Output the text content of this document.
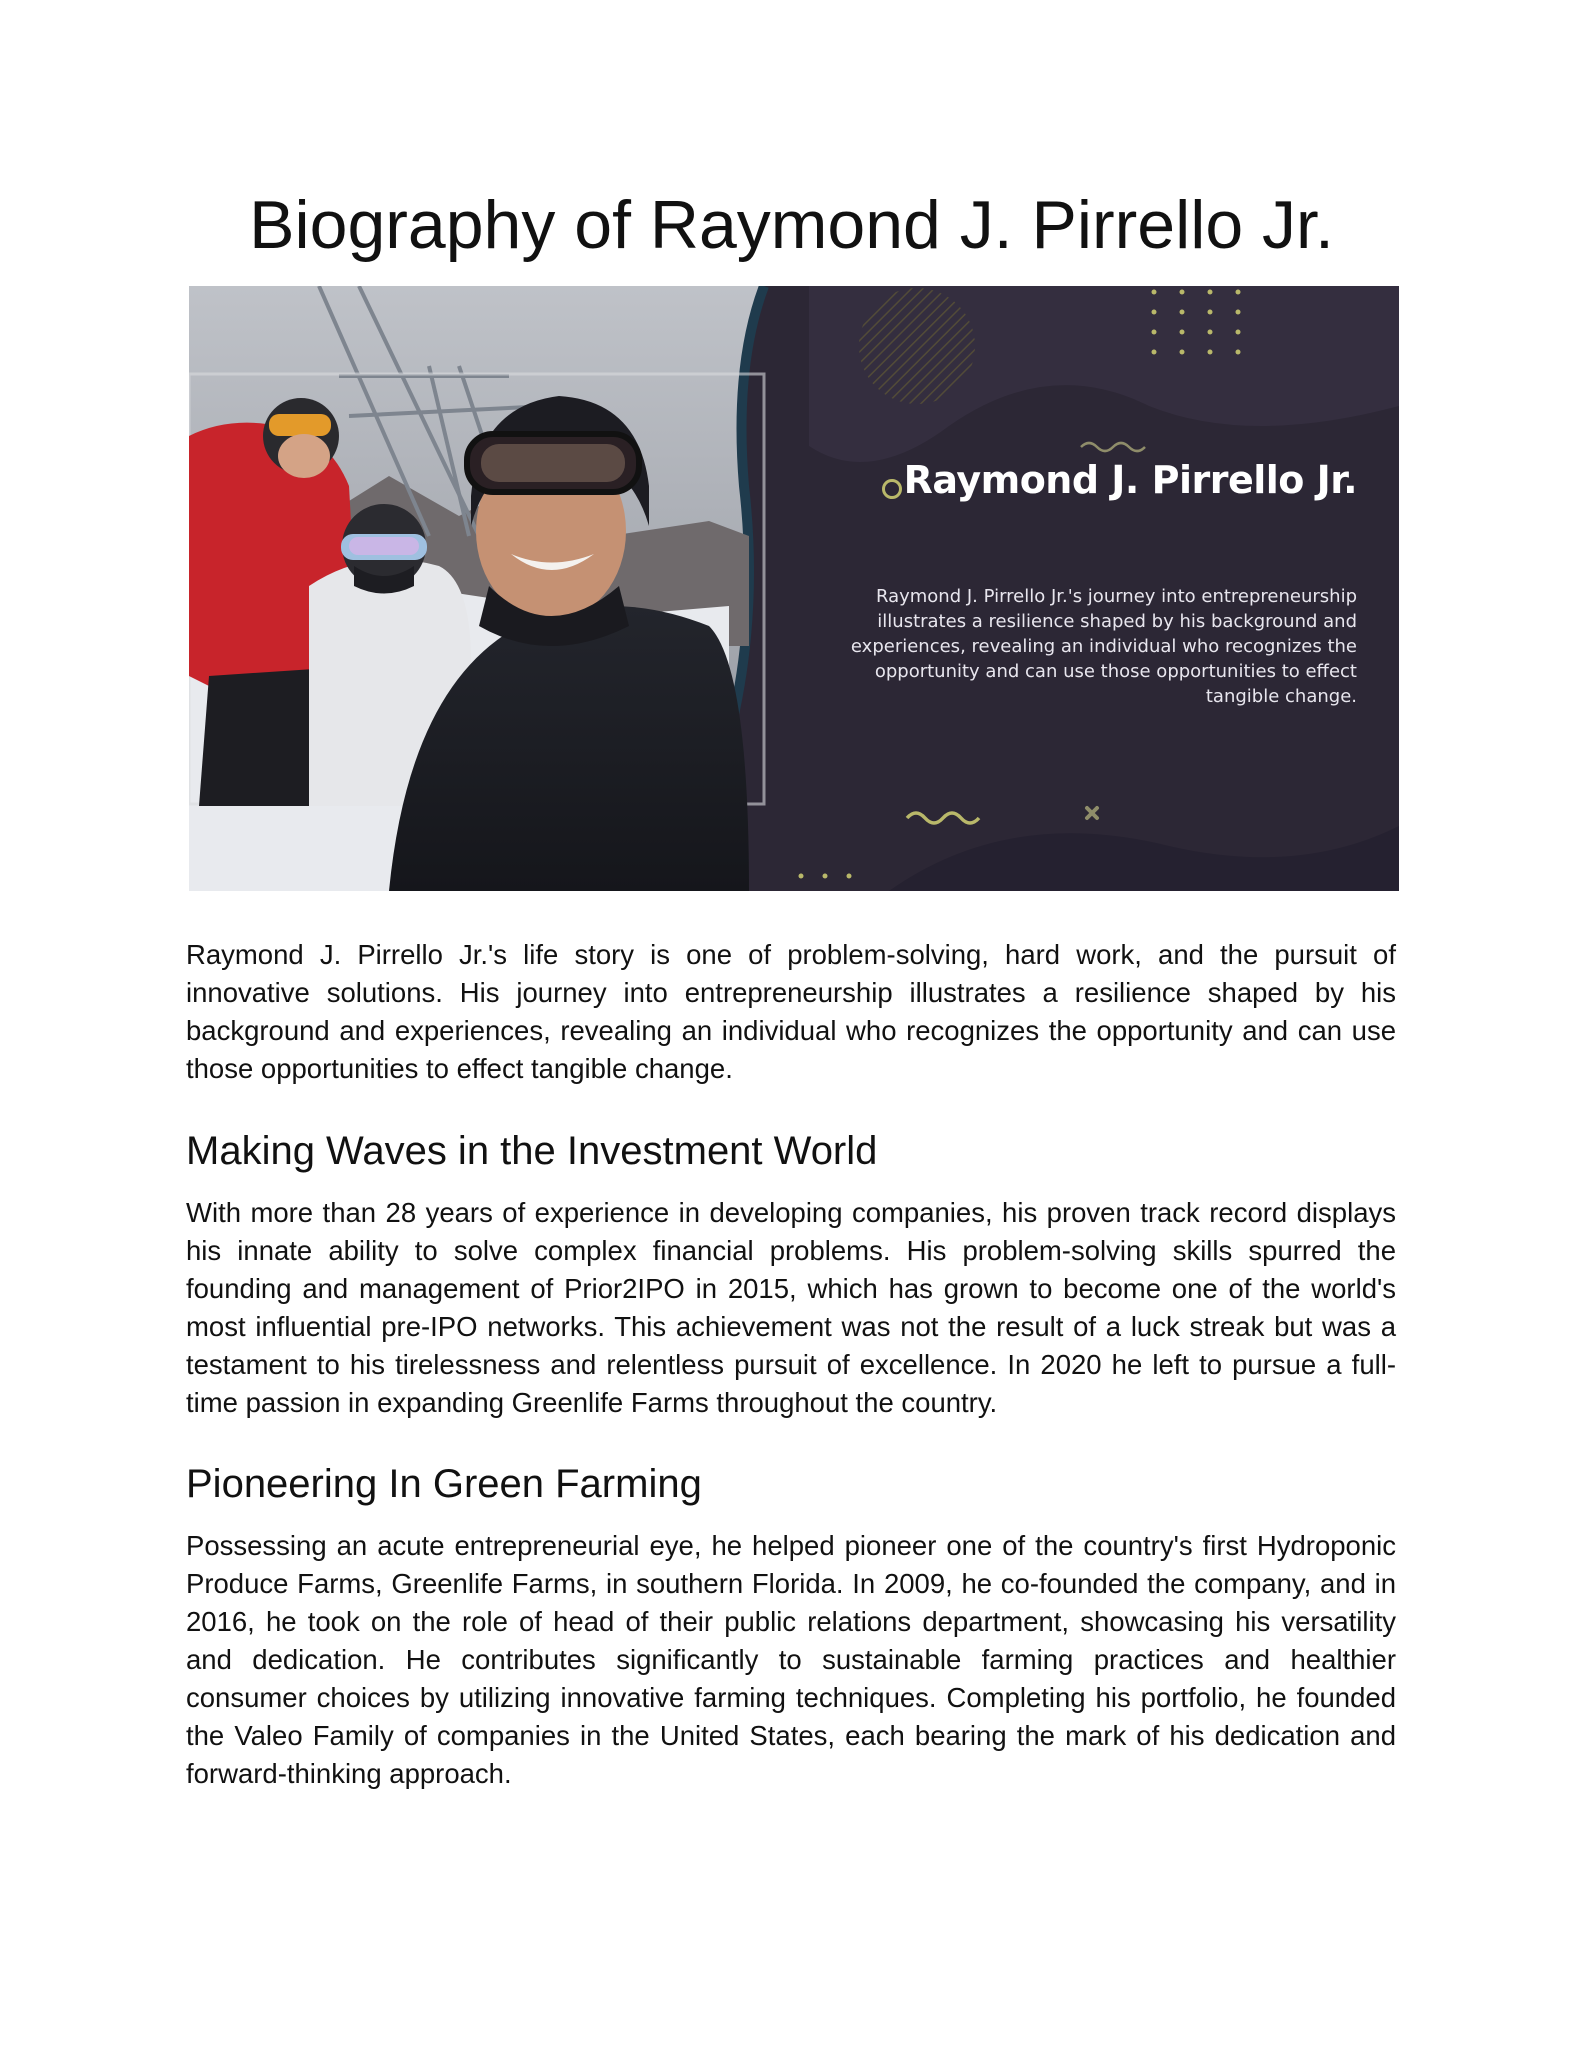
Biography of Raymond J. Pirrello Jr.
Raymond J. Pirrello Jr.
Raymond J. Pirrello Jr.'s journey into entrepreneurship illustrates a resilience shaped by his background and experiences, revealing an individual who recognizes the opportunity and can use those opportunities to effect tangible change.

Raymond J. Pirrello Jr.'s life story is one of problem-solving, hard work, and the pursuit of innovative solutions. His journey into entrepreneurship illustrates a resilience shaped by his background and experiences, revealing an individual who recognizes the opportunity and can use those opportunities to effect tangible change.

Making Waves in the Investment World

With more than 28 years of experience in developing companies, his proven track record displays his innate ability to solve complex financial problems. His problem-solving skills spurred the founding and management of Prior2IPO in 2015, which has grown to become one of the world's most influential pre-IPO networks. This achievement was not the result of a luck streak but was a testament to his tirelessness and relentless pursuit of excellence. In 2020 he left to pursue a full-time passion in expanding Greenlife Farms throughout the country.

Pioneering In Green Farming

Possessing an acute entrepreneurial eye, he helped pioneer one of the country's first Hydroponic Produce Farms, Greenlife Farms, in southern Florida. In 2009, he co-founded the company, and in 2016, he took on the role of head of their public relations department, showcasing his versatility and dedication. He contributes significantly to sustainable farming practices and healthier consumer choices by utilizing innovative farming techniques. Completing his portfolio, he founded the Valeo Family of companies in the United States, each bearing the mark of his dedication and forward-thinking approach.
